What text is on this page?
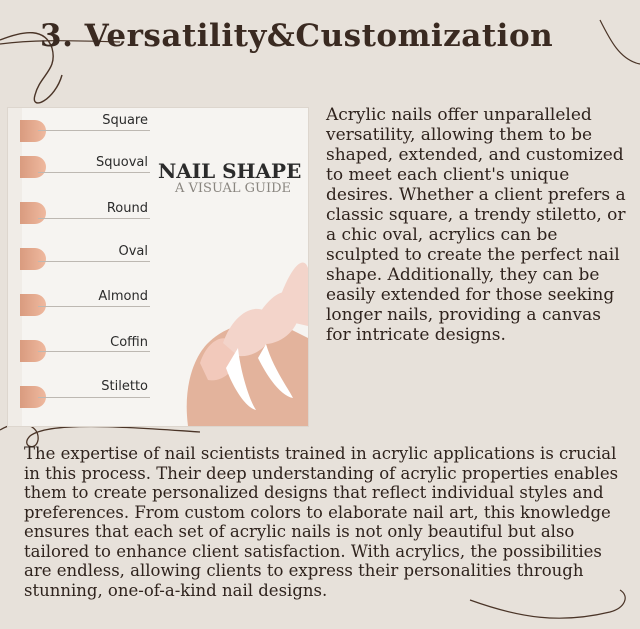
3. Versatility&Customization
Square
Squoval
Round
Oval
Almond
Coffin
Stiletto
NAIL SHAPE

A VISUAL GUIDE

Acrylic nails offer unparalleled versatility, allowing them to be shaped, extended, and customized to meet each client's unique desires. Whether a client prefers a classic square, a trendy stiletto, or a chic oval, acrylics can be sculpted to create the perfect nail shape. Additionally, they can be easily extended for those seeking longer nails, providing a canvas for intricate designs.

The expertise of nail scientists trained in acrylic applications is crucial in this process. Their deep understanding of acrylic properties enables them to create personalized designs that reflect individual styles and preferences. From custom colors to elaborate nail art, this knowledge ensures that each set of acrylic nails is not only beautiful but also tailored to enhance client satisfaction. With acrylics, the possibilities are endless, allowing clients to express their personalities through stunning, one-of-a-kind nail designs.
